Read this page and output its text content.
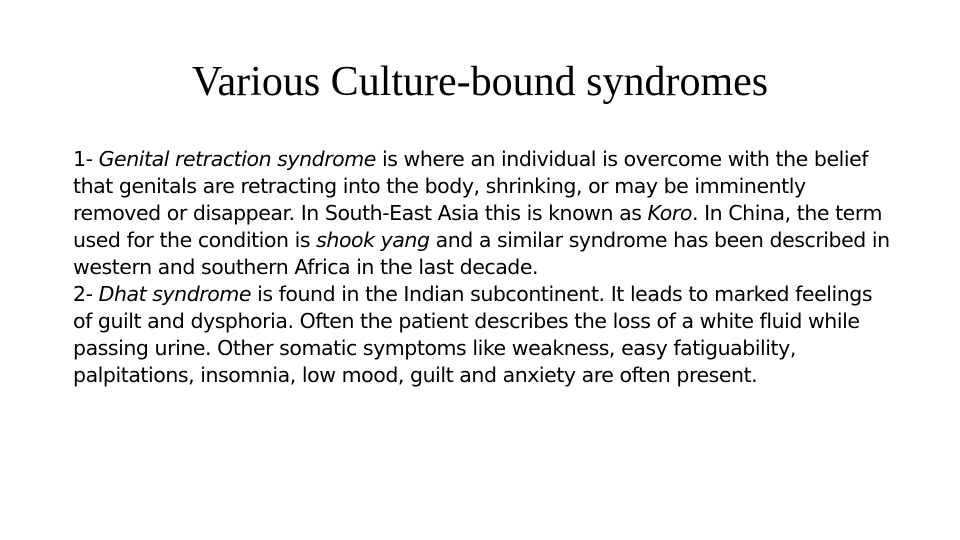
Various Culture-bound syndromes

1- Genital retraction syndrome is where an individual is overcome with the belief that genitals are retracting into the body, shrinking, or may be imminently removed or disappear. In South-East Asia this is known as Koro. In China, the term used for the condition is shook yang and a similar syndrome has been described in western and southern Africa in the last decade.

2- Dhat syndrome is found in the Indian subcontinent. It leads to marked feelings of guilt and dysphoria. Often the patient describes the loss of a white fluid while passing urine. Other somatic symptoms like weakness, easy fatiguability, palpitations, insomnia, low mood, guilt and anxiety are often present.
